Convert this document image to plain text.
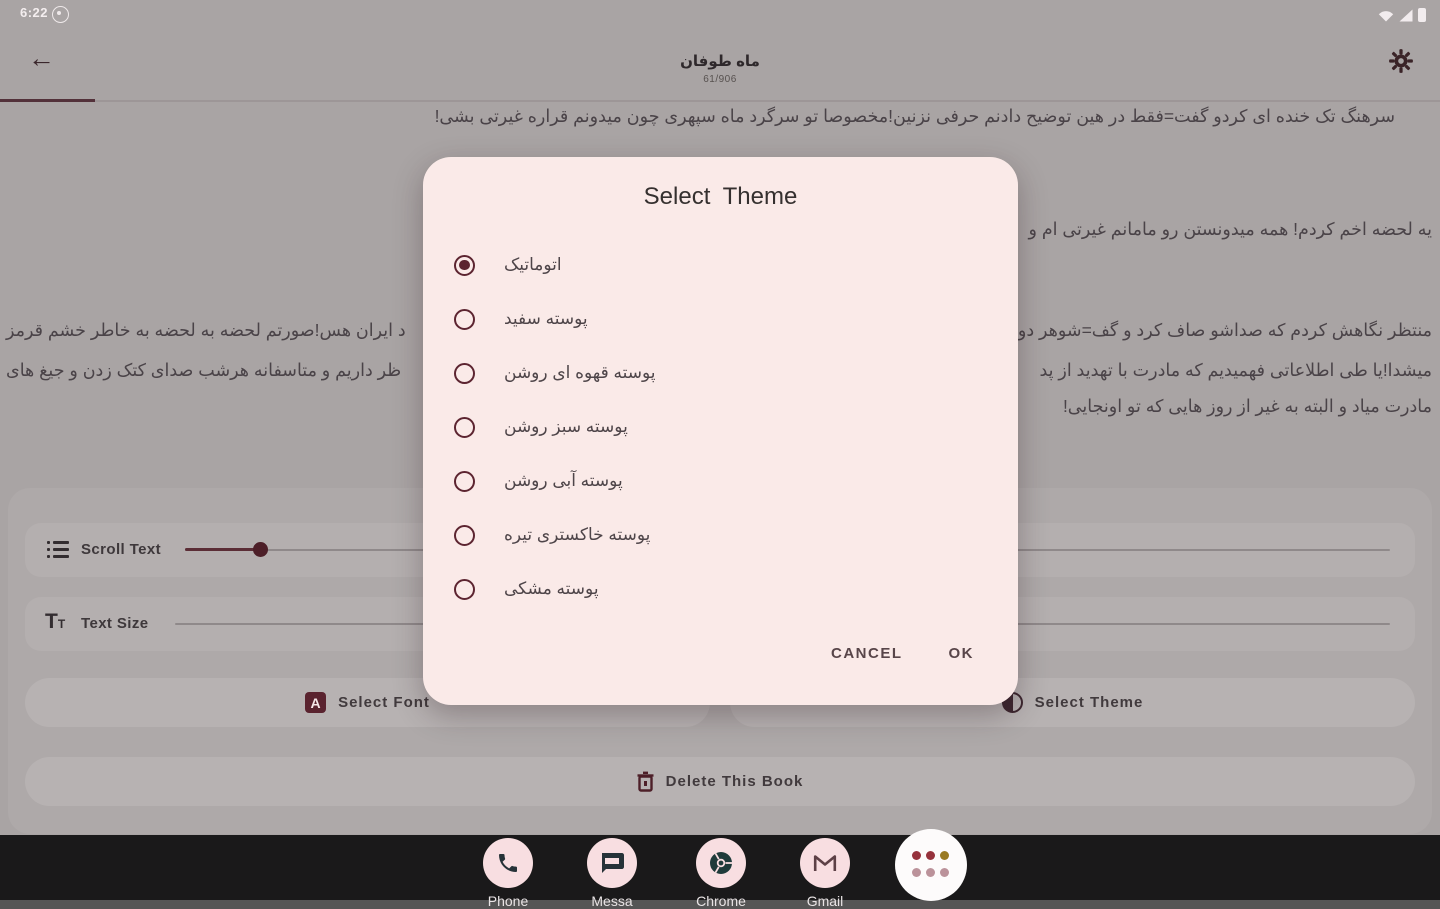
6:22
←	ماه طوفان
61/906
سرهنگ تک خنده ای کردو گفت=فقط در هین توضیح دادنم حرفی نزنین!مخصوصا تو سرگرد ماه سپهری چون میدونم قراره غیرتی بشی!
یه لحضه اخم کردم! همه میدونستن رو مامانم غیرتی ام و
منتظر نگاهش کردم که صداشو صاف کرد و گف=شوهر دو
د ایران هس!صورتم لحضه به لحضه به خاطر خشم قرمز
میشدا!یا طی اطلاعاتی فهمیدیم که مادرت با تهدید از پد
ظر داریم و متاسفانه هرشب صدای کتک زدن و جیغ های
مادرت میاد و البته به غیر از روز هایی که تو اونجایی!
Scroll Text
TT Text Size
A	Select Font	Select Theme
Delete This Book
Phone	Messa	Chrome	Gmail
Select Theme
اتوماتیک
پوسته سفید
پوسته قهوه ای روشن
پوسته سبز روشن
پوسته آبی روشن
پوسته خاکستری تیره
پوسته مشکی
CANCEL	OK
